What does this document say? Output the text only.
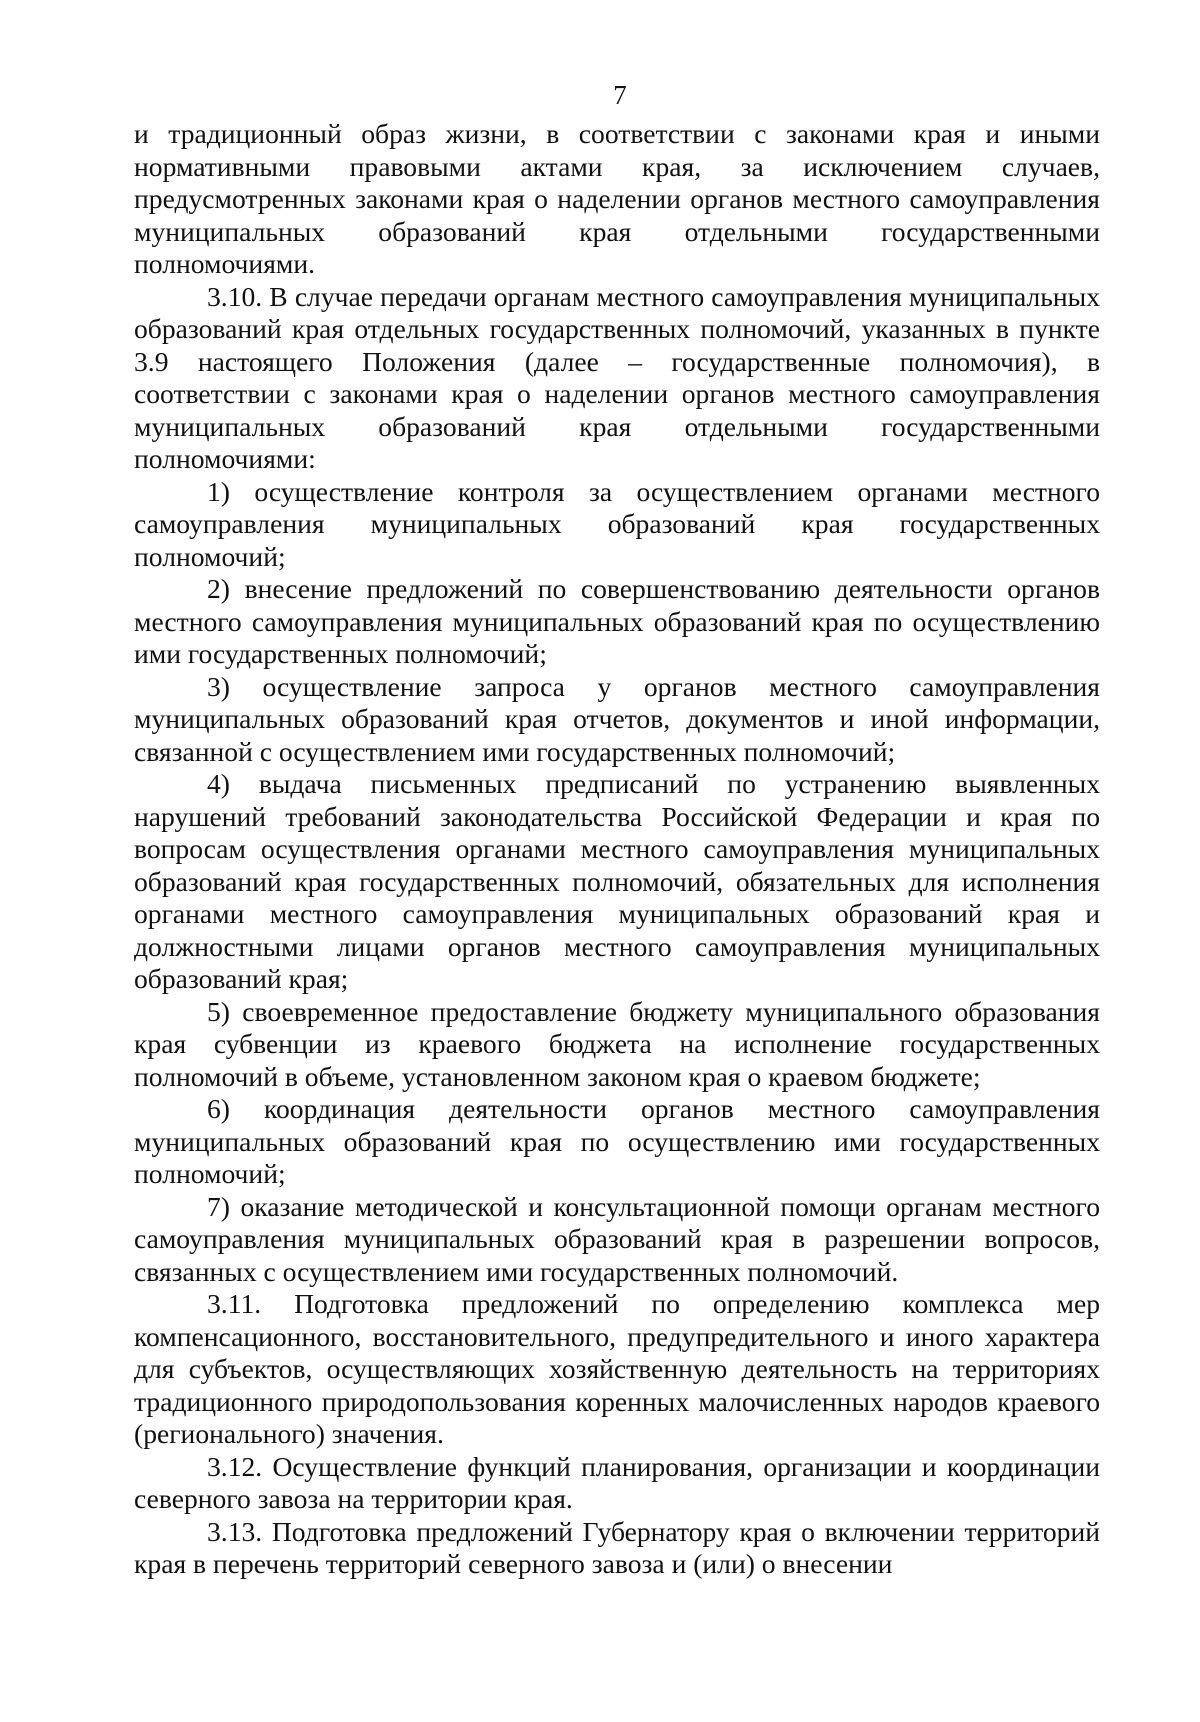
7

и традиционный образ жизни, в соответствии с законами края и иными нормативными правовыми актами края, за исключением случаев, предусмотренных законами края о наделении органов местного самоуправления муниципальных образований края отдельными государственными полномочиями.

3.10. В случае передачи органам местного самоуправления муниципальных образований края отдельных государственных полномочий, указанных в пункте 3.9 настоящего Положения (далее – государственные полномочия), в соответствии с законами края о наделении органов местного самоуправления муниципальных образований края отдельными государственными полномочиями:

1) осуществление контроля за осуществлением органами местного самоуправления муниципальных образований края государственных полномочий;

2) внесение предложений по совершенствованию деятельности органов местного самоуправления муниципальных образований края по осуществлению ими государственных полномочий;

3) осуществление запроса у органов местного самоуправления муниципальных образований края отчетов, документов и иной информации, связанной с осуществлением ими государственных полномочий;

4) выдача письменных предписаний по устранению выявленных нарушений требований законодательства Российской Федерации и края по вопросам осуществления органами местного самоуправления муниципальных образований края государственных полномочий, обязательных для исполнения органами местного самоуправления муниципальных образований края и должностными лицами органов местного самоуправления муниципальных образований края;

5) своевременное предоставление бюджету муниципального образования края субвенции из краевого бюджета на исполнение государственных полномочий в объеме, установленном законом края о краевом бюджете;

6) координация деятельности органов местного самоуправления муниципальных образований края по осуществлению ими государственных полномочий;

7) оказание методической и консультационной помощи органам местного самоуправления муниципальных образований края в разрешении вопросов, связанных с осуществлением ими государственных полномочий.

3.11. Подготовка предложений по определению комплекса мер компенсационного, восстановительного, предупредительного и иного характера для субъектов, осуществляющих хозяйственную деятельность на территориях традиционного природопользования коренных малочисленных народов краевого (регионального) значения.

3.12. Осуществление функций планирования, организации и координации северного завоза на территории края.

3.13. Подготовка предложений Губернатору края о включении территорий края в перечень территорий северного завоза и (или) о внесении
